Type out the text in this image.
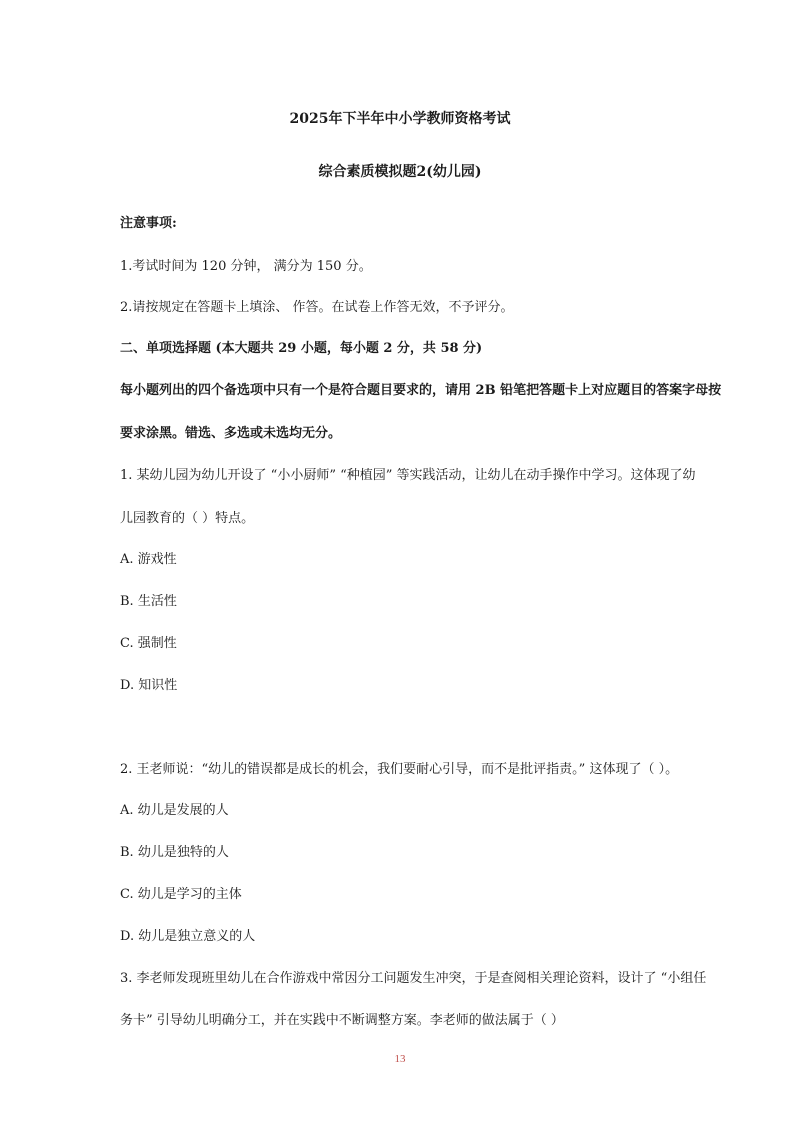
2025年下半年中小学教师资格考试
综合素质模拟题2(幼儿园)
注意事项:
1.考试时间为 120 分钟， 满分为 150 分。
2.请按规定在答题卡上填涂、 作答。在试卷上作答无效，不予评分。
二、单项选择题 (本大题共 29 小题，每小题 2 分，共 58 分)
每小题列出的四个备选项中只有一个是符合题目要求的，请用 2B 铅笔把答题卡上对应题目的答案字母按
要求涂黑。错选、多选或未选均无分。
1. 某幼儿园为幼儿开设了 “小小厨师” “种植园” 等实践活动，让幼儿在动手操作中学习。这体现了幼
儿园教育的（ ）特点。
A. 游戏性
B. 生活性
C. 强制性
D. 知识性
2. 王老师说：“幼儿的错误都是成长的机会，我们要耐心引导，而不是批评指责。” 这体现了（ ）。
A. 幼儿是发展的人
B. 幼儿是独特的人
C. 幼儿是学习的主体
D. 幼儿是独立意义的人
3. 李老师发现班里幼儿在合作游戏中常因分工问题发生冲突，于是查阅相关理论资料，设计了 “小组任
务卡” 引导幼儿明确分工，并在实践中不断调整方案。李老师的做法属于（ ）
13
